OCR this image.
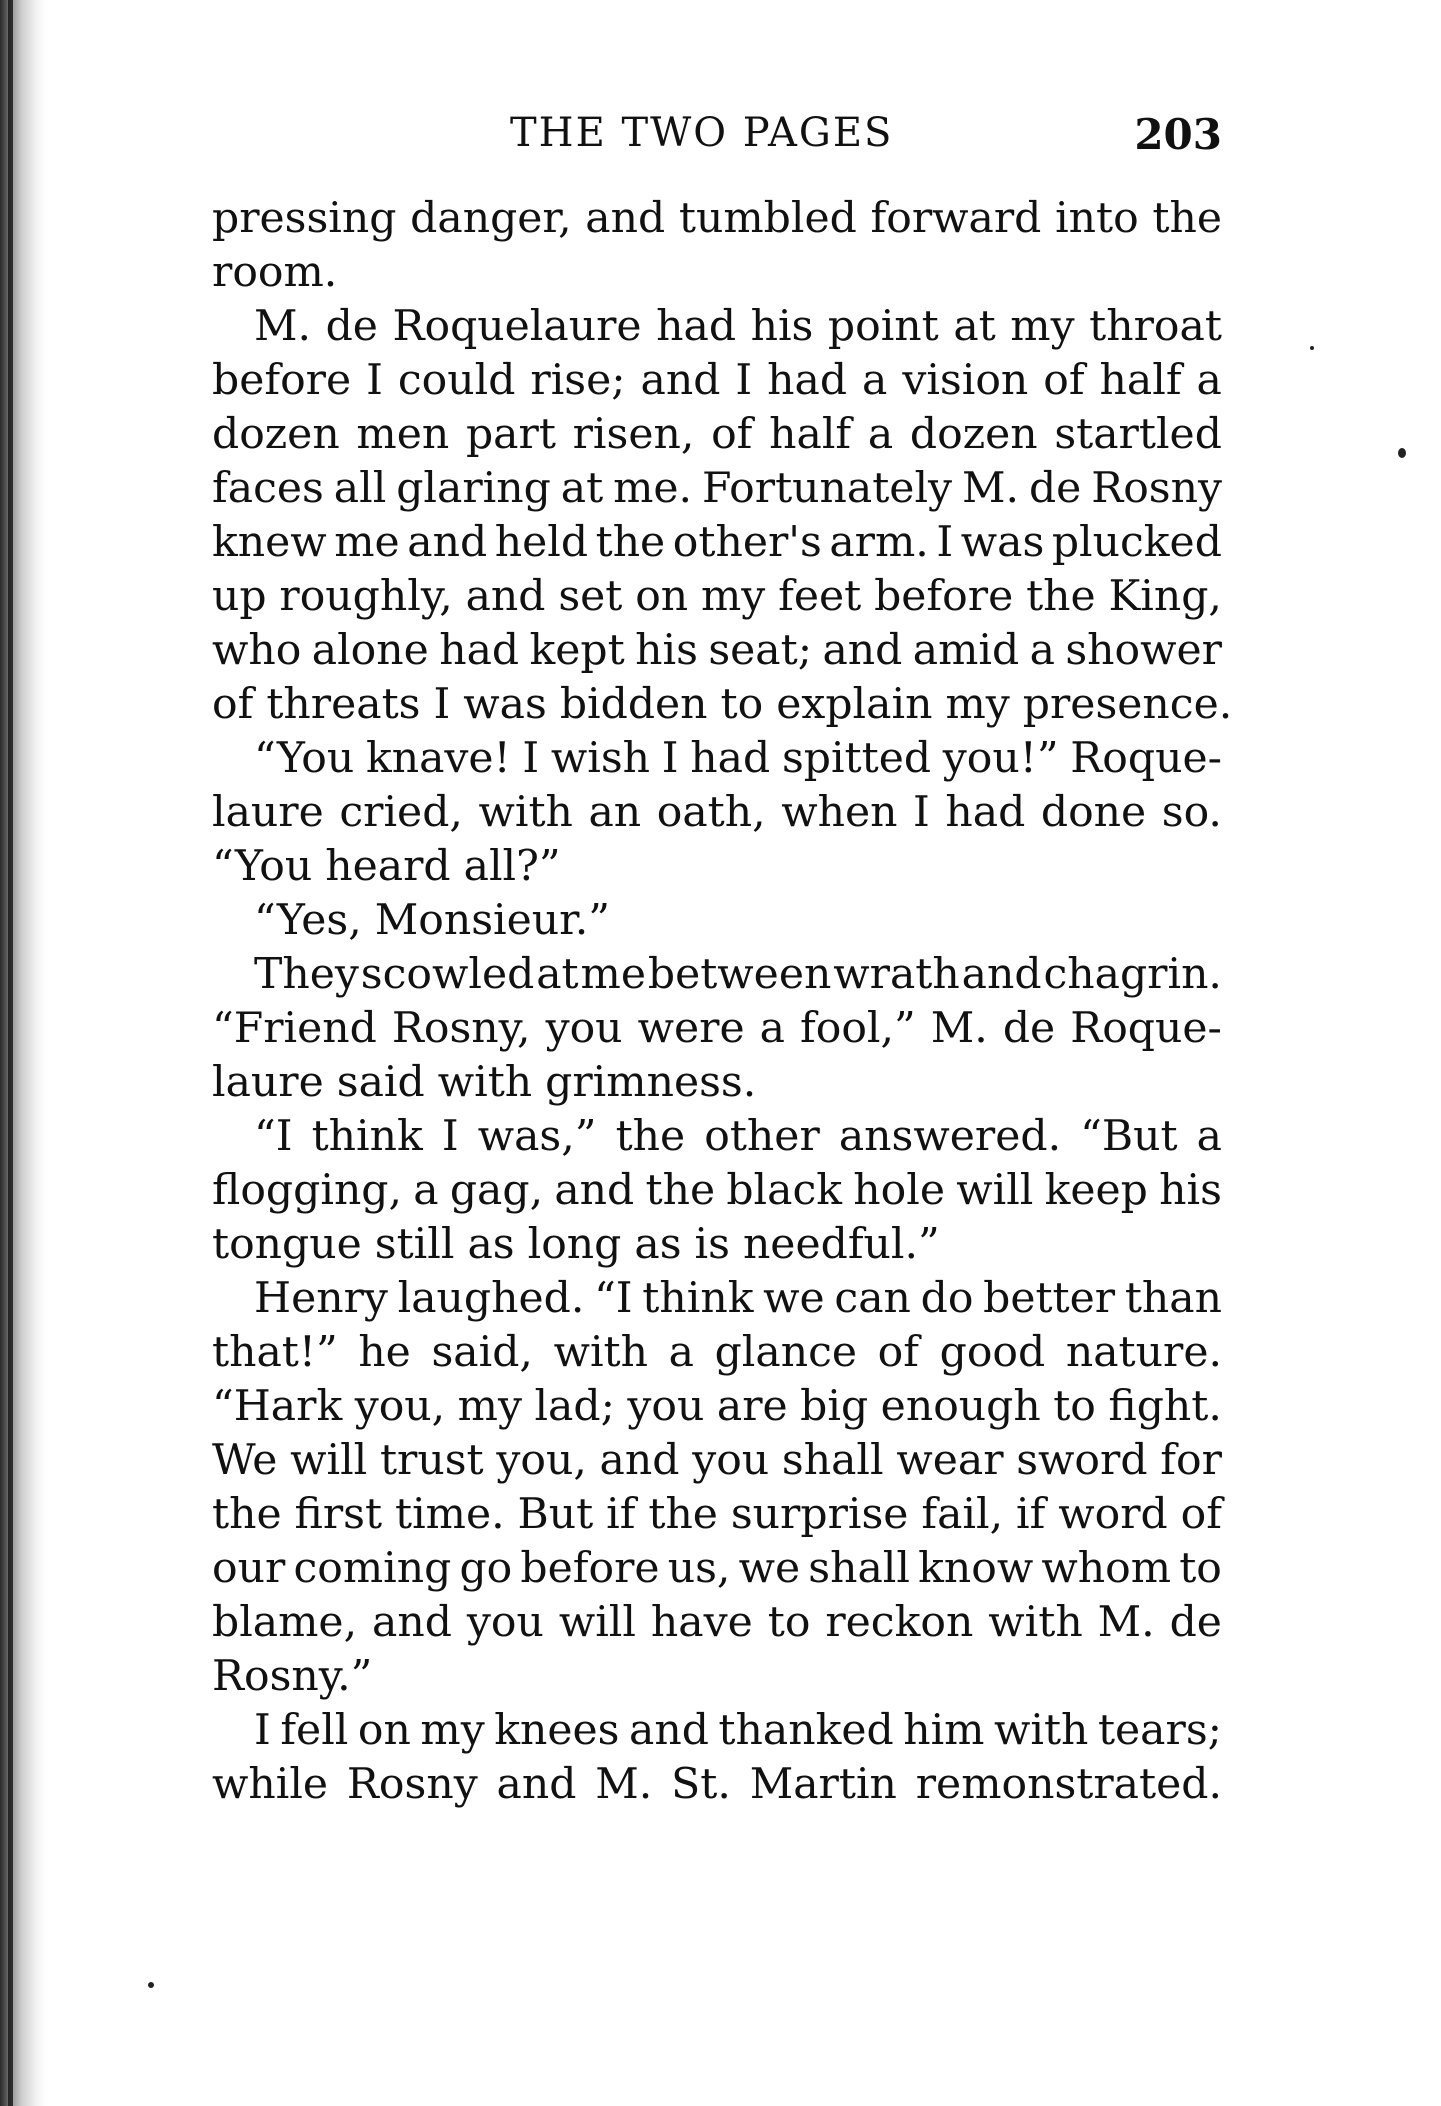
THE TWO PAGES	203
pressing danger, and tumbled forward into the
room.
M. de Roquelaure had his point at my throat
before I could rise; and I had a vision of half a
dozen men part risen, of half a dozen startled
faces all glaring at me. Fortunately M. de Rosny
knew me and held the other's arm. I was plucked
up roughly, and set on my feet before the King,
who alone had kept his seat; and amid a shower
of threats I was bidden to explain my presence.
“You knave! I wish I had spitted you!” Roque-
laure cried, with an oath, when I had done so.
“You heard all?”
“Yes, Monsieur.”
They scowled at me between wrath and chagrin.
“Friend Rosny, you were a fool,” M. de Roque-
laure said with grimness.
“I think I was,” the other answered. “But a
flogging, a gag, and the black hole will keep his
tongue still as long as is needful.”
Henry laughed. “I think we can do better than
that!” he said, with a glance of good nature.
“Hark you, my lad; you are big enough to fight.
We will trust you, and you shall wear sword for
the first time. But if the surprise fail, if word of
our coming go before us, we shall know whom to
blame, and you will have to reckon with M. de
Rosny.”
I fell on my knees and thanked him with tears;
while Rosny and M. St. Martin remonstrated.
